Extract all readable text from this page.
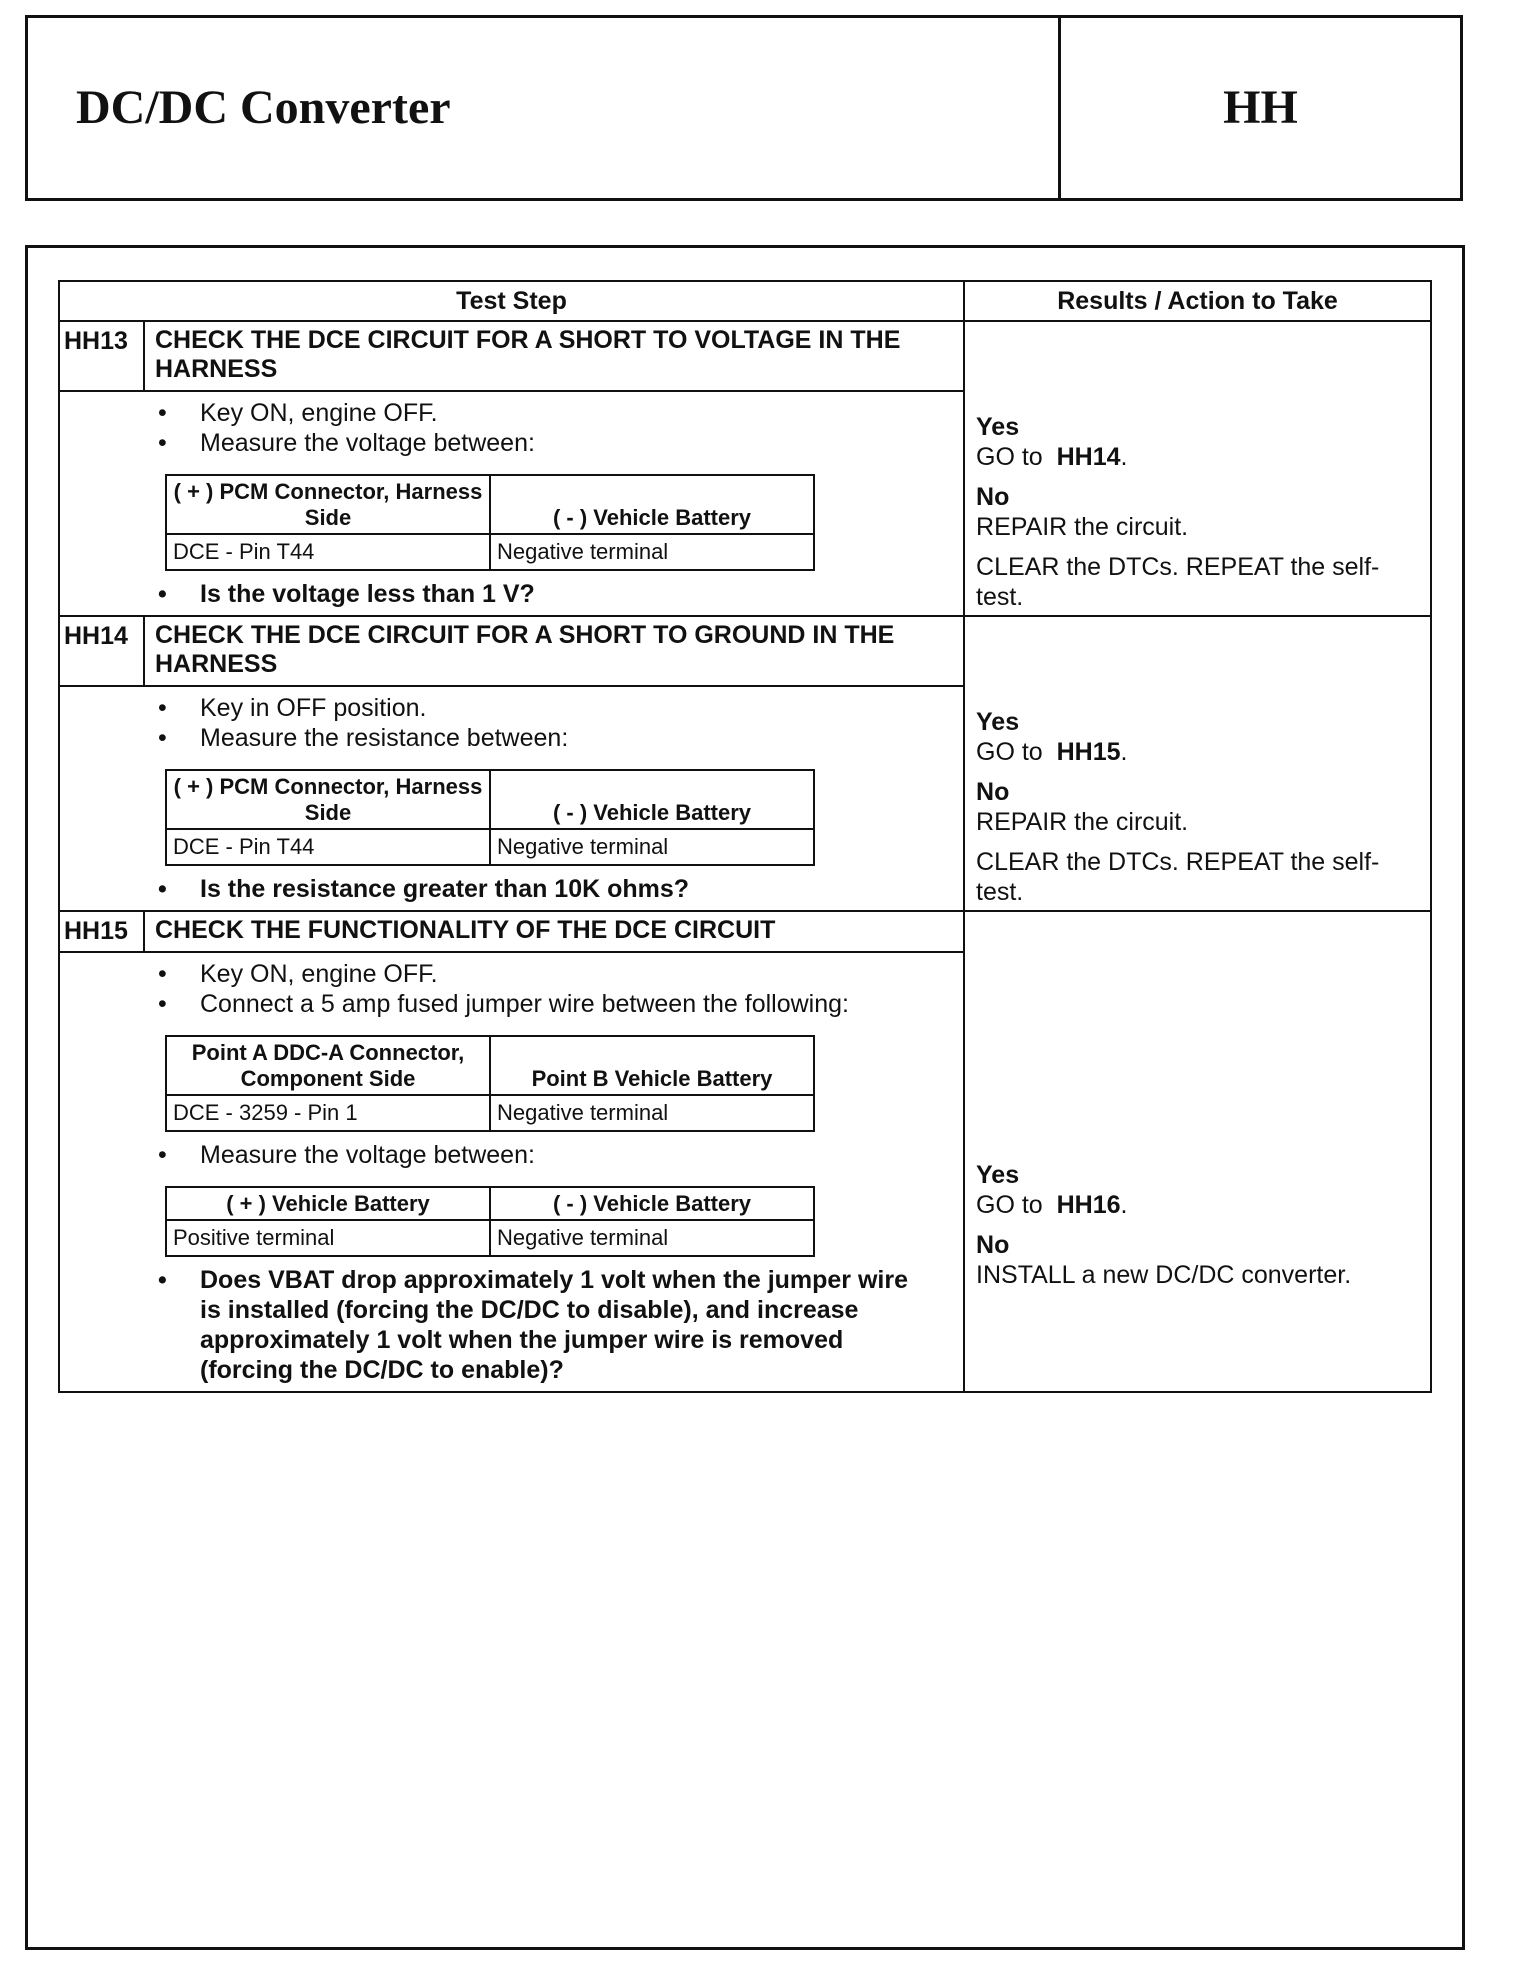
DC/DC Converter	HH
Test Step	Results / Action to Take
HH13	CHECK THE DCE CIRCUIT FOR A SHORT TO VOLTAGE IN THE HARNESS	
Yes
GO to HH14.
No
REPAIR the circuit.
CLEAR the DTCs. REPEAT the self-test.

• Key ON, engine OFF.
• Measure the voltage between:
( + ) PCM Connector, Harness Side	( - ) Vehicle Battery
DCE - Pin T44	Negative terminal
• Is the voltage less than 1 V?

HH14	CHECK THE DCE CIRCUIT FOR A SHORT TO GROUND IN THE HARNESS	
Yes
GO to HH15.
No
REPAIR the circuit.
CLEAR the DTCs. REPEAT the self-test.

• Key in OFF position.
• Measure the resistance between:
( + ) PCM Connector, Harness Side	( - ) Vehicle Battery
DCE - Pin T44	Negative terminal
• Is the resistance greater than 10K ohms?

HH15	CHECK THE FUNCTIONALITY OF THE DCE CIRCUIT	
Yes
GO to HH16.
No
INSTALL a new DC/DC converter.

• Key ON, engine OFF.
• Connect a 5 amp fused jumper wire between the following:
Point A DDC-A Connector, Component Side	Point B Vehicle Battery
DCE - 3259 - Pin 1	Negative terminal
• Measure the voltage between:
( + ) Vehicle Battery	( - ) Vehicle Battery
Positive terminal	Negative terminal
• Does VBAT drop approximately 1 volt when the jumper wire is installed (forcing the DC/DC to disable), and increase approximately 1 volt when the jumper wire is removed (forcing the DC/DC to enable)?
